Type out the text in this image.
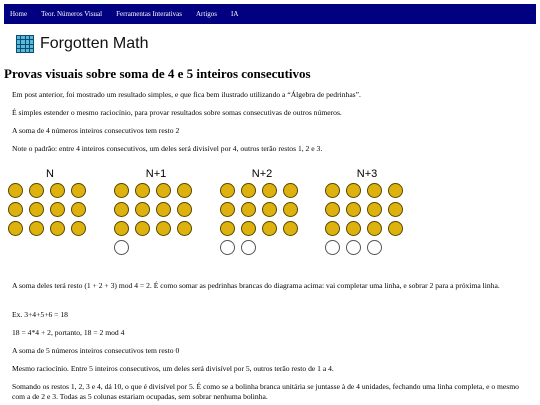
Home Teor. Números Visual Ferramentas Interativas Artigos IA
Forgotten Math
Provas visuais sobre soma de 4 e 5 inteiros consecutivos

Em post anterior, foi mostrado um resultado simples, e que fica bem ilustrado utilizando a “Álgebra de pedrinhas”.

É simples estender o mesmo raciocínio, para provar resultados sobre somas consecutivas de outros números.

A soma de 4 números inteiros consecutivos tem resto 2

Note o padrão: entre 4 inteiros consecutivos, um deles será divisível por 4, outros terão restos 1, 2 e 3.

N	N+1	N+2	N+3

A soma deles terá resto (1 + 2 + 3) mod 4 = 2. É como somar as pedrinhas brancas do diagrama acima: vai completar uma linha, e sobrar 2 para a próxima linha.

Ex. 3+4+5+6 = 18

18 = 4*4 + 2, portanto, 18 = 2 mod 4

A soma de 5 números inteiros consecutivos tem resto 0

Mesmo raciocínio. Entre 5 inteiros consecutivos, um deles será divisível por 5, outros terão resto de 1 a 4.

Somando os restos 1, 2, 3 e 4, dá 10, o que é divisível por 5. É como se a bolinha branca unitária se juntasse à de 4 unidades, fechando uma linha completa, e o mesmo com a de 2 e 3. Todas as 5 colunas estariam ocupadas, sem sobrar nenhuma bolinha.
